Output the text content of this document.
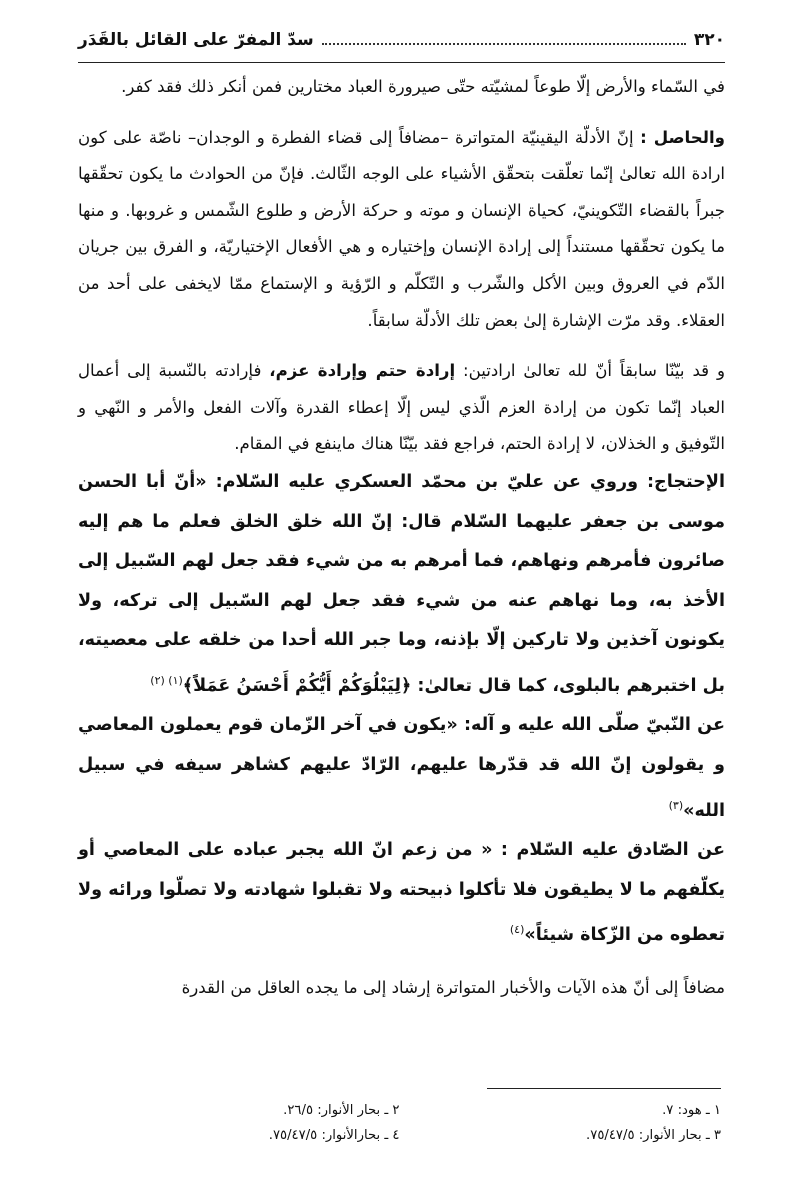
٣٢٠
سدّ المفرّ على القائل بالقَدَر

في السّماء والأرض إلّا طوعاً لمشيّته حتّى صيرورة العباد مختارين فمن أنكر ذلك فقد كفر.

والحاصل : إنّ الأدلّة اليقينيّة المتواترة –مضافاً إلى قضاء الفطرة و الوجدان– ناصّة على كون ارادة الله تعالىٰ إنّما تعلّقت بتحقّق الأشياء على الوجه الثّالث. فإنّ من الحوادث ما يكون تحقّقها جبراً بالقضاء التّكوينيّ، كحياة الإنسان و موته و حركة الأرض و طلوع الشّمس و غروبها. و منها ما يكون تحقّقها مستنداً إلى إرادة الإنسان وإختياره و هي الأفعال الإختياريّة، و الفرق بين جريان الدّم في العروق وبين الأكل والشّرب و التّكلّم و الرّؤية و الإستماع ممّا لايخفى على أحد من العقلاء. وقد مرّت الإشارة إلىٰ بعض تلك الأدلّة سابقاً.

و قد بيّنّا سابقاً أنّ لله تعالىٰ ارادتين: إرادة حتم وإرادة عزم، فإرادته بالنّسبة إلى أعمال العباد إنّما تكون من إرادة العزم الّذي ليس إلّا إعطاء القدرة وآلات الفعل والأمر و النّهي و التّوفيق و الخذلان، لا إرادة الحتم، فراجع فقد بيّنّا هناك ماينفع في المقام.

الإحتجاج: وروي عن عليّ بن محمّد العسكري عليه السّلام: «أنّ أبا الحسن موسى بن جعفر عليهما السّلام قال: إنّ الله خلق الخلق فعلم ما هم إليه صائرون فأمرهم ونهاهم، فما أمرهم به من شيء فقد جعل لهم السّبيل إلى الأخذ به، وما نهاهم عنه من شيء فقد جعل لهم السّبيل إلى تركه، ولا يكونون آخذين ولا تاركين إلّا بإذنه، وما جبر الله أحدا من خلقه على معصيته، بل اختبرهم بالبلوى، كما قال تعالىٰ: ﴿لِيَبْلُوَكُمْ أَيُّكُمْ أَحْسَنُ عَمَلاً﴾$^{(١) (٢)}$

عن النّبيّ صلّى الله عليه و آله: «يكون في آخر الزّمان قوم يعملون المعاصي و يقولون إنّ الله قد قدّرها عليهم، الرّادّ عليهم كشاهر سيفه في سبيل الله»$^{(٣)}$

عن الصّادق عليه السّلام : « من زعم انّ الله يجبر عباده على المعاصي أو يكلّفهم ما لا يطيقون فلا تأكلوا ذبيحته ولا تقبلوا شهادته ولا تصلّوا ورائه ولا تعطوه من الزّكاة شيئاً»$^{(٤)}$

مضافاً إلى أنّ هذه الآيات والأخبار المتواترة إرشاد إلى ما يجده العاقل من القدرة

١ ـ هود: ٧.
٢ ـ بحار الأنوار: ٢٦/٥.
٣ ـ بحار الأنوار: ٧٥/٤٧/٥.
٤ ـ بحارالأنوار: ٧٥/٤٧/٥.
